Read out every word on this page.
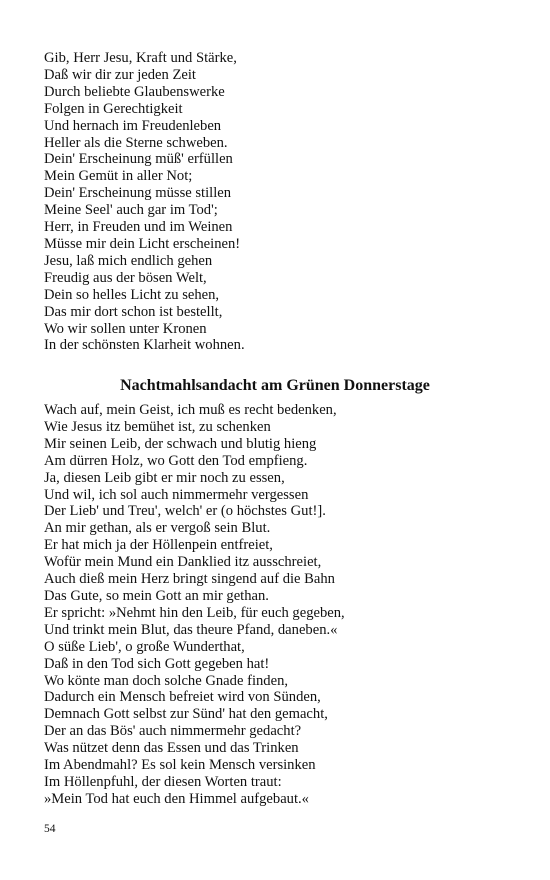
Gib, Herr Jesu, Kraft und Stärke,
Daß wir dir zur jeden Zeit
Durch beliebte Glaubenswerke
Folgen in Gerechtigkeit
Und hernach im Freudenleben
Heller als die Sterne schweben.
Dein' Erscheinung müß' erfüllen
Mein Gemüt in aller Not;
Dein' Erscheinung müsse stillen
Meine Seel' auch gar im Tod';
Herr, in Freuden und im Weinen
Müsse mir dein Licht erscheinen!
Jesu, laß mich endlich gehen
Freudig aus der bösen Welt,
Dein so helles Licht zu sehen,
Das mir dort schon ist bestellt,
Wo wir sollen unter Kronen
In der schönsten Klarheit wohnen.
Nachtmahlsandacht am Grünen Donnerstage
Wach auf, mein Geist, ich muß es recht bedenken,
Wie Jesus itz bemühet ist, zu schenken
Mir seinen Leib, der schwach und blutig hieng
Am dürren Holz, wo Gott den Tod empfieng.
Ja, diesen Leib gibt er mir noch zu essen,
Und wil, ich sol auch nimmermehr vergessen
Der Lieb' und Treu', welch' er (o höchstes Gut!].
An mir gethan, als er vergoß sein Blut.
Er hat mich ja der Höllenpein entfreiet,
Wofür mein Mund ein Danklied itz ausschreiet,
Auch dieß mein Herz bringt singend auf die Bahn
Das Gute, so mein Gott an mir gethan.
Er spricht: »Nehmt hin den Leib, für euch gegeben,
Und trinkt mein Blut, das theure Pfand, daneben.«
O süße Lieb', o große Wunderthat,
Daß in den Tod sich Gott gegeben hat!
Wo könte man doch solche Gnade finden,
Dadurch ein Mensch befreiet wird von Sünden,
Demnach Gott selbst zur Sünd' hat den gemacht,
Der an das Bös' auch nimmermehr gedacht?
Was nützet denn das Essen und das Trinken
Im Abendmahl? Es sol kein Mensch versinken
Im Höllenpfuhl, der diesen Worten traut:
»Mein Tod hat euch den Himmel aufgebaut.«
54
